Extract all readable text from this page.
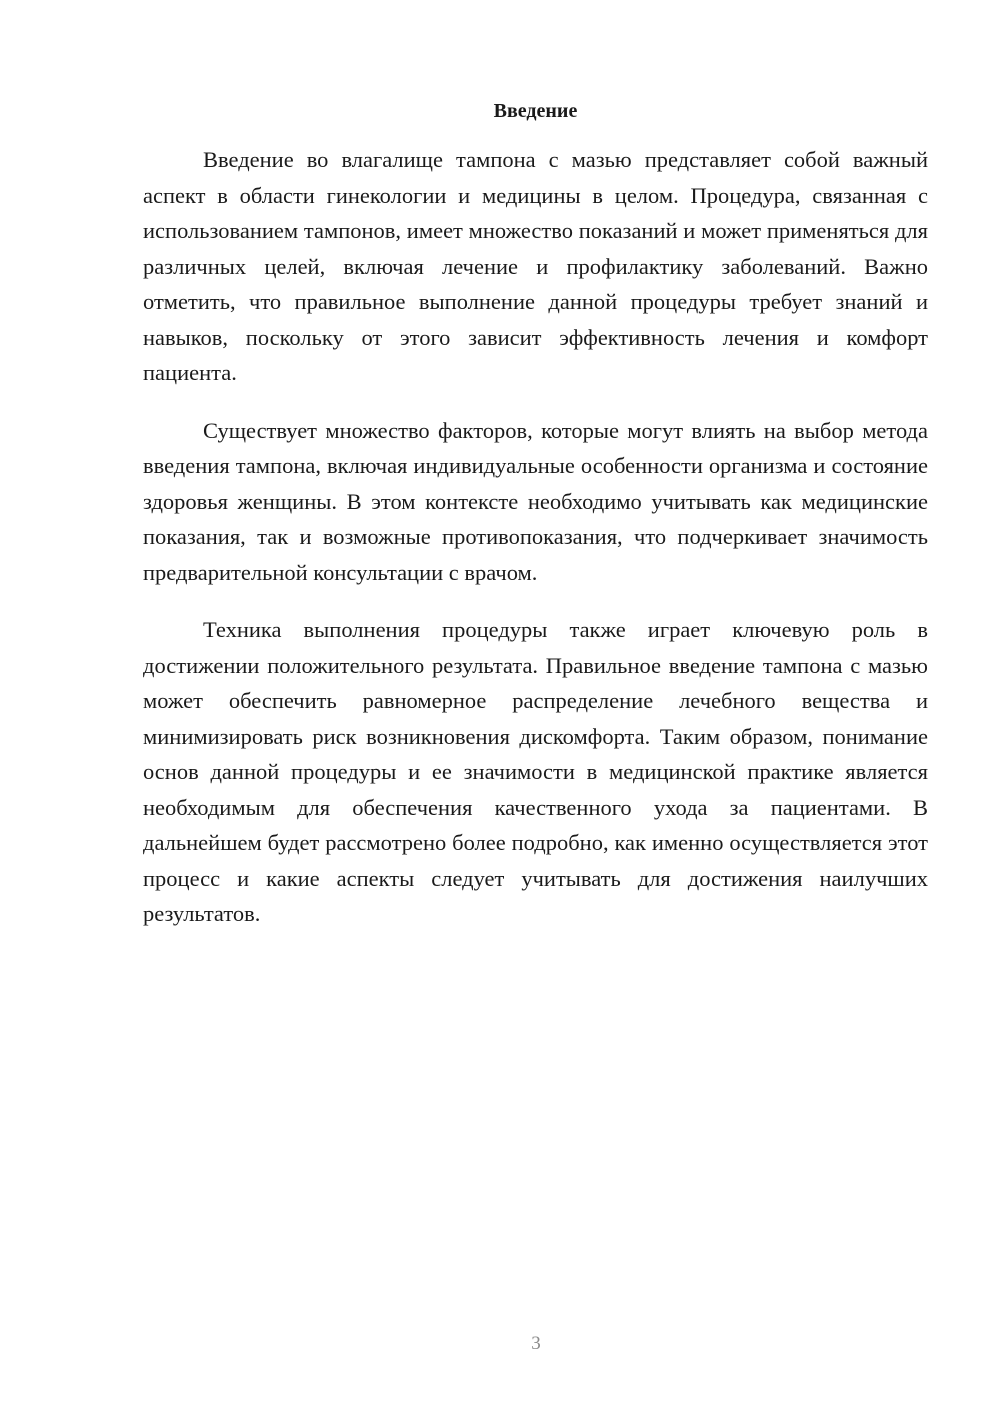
Введение

Введение во влагалище тампона с мазью представляет собой важный аспект в области гинекологии и медицины в целом. Процедура, связанная с использованием тампонов, имеет множество показаний и может применяться для различных целей, включая лечение и профилактику заболеваний. Важно отметить, что правильное выполнение данной процедуры требует знаний и навыков, поскольку от этого зависит эффективность лечения и комфорт пациента.

Существует множество факторов, которые могут влиять на выбор метода введения тампона, включая индивидуальные особенности организма и состояние здоровья женщины. В этом контексте необходимо учитывать как медицинские показания, так и возможные противопоказания, что подчеркивает значимость предварительной консультации с врачом.

Техника выполнения процедуры также играет ключевую роль в достижении положительного результата. Правильное введение тампона с мазью может обеспечить равномерное распределение лечебного вещества и минимизировать риск возникновения дискомфорта. Таким образом, понимание основ данной процедуры и ее значимости в медицинской практике является необходимым для обеспечения качественного ухода за пациентами. В дальнейшем будет рассмотрено более подробно, как именно осуществляется этот процесс и какие аспекты следует учитывать для достижения наилучших результатов.

3
